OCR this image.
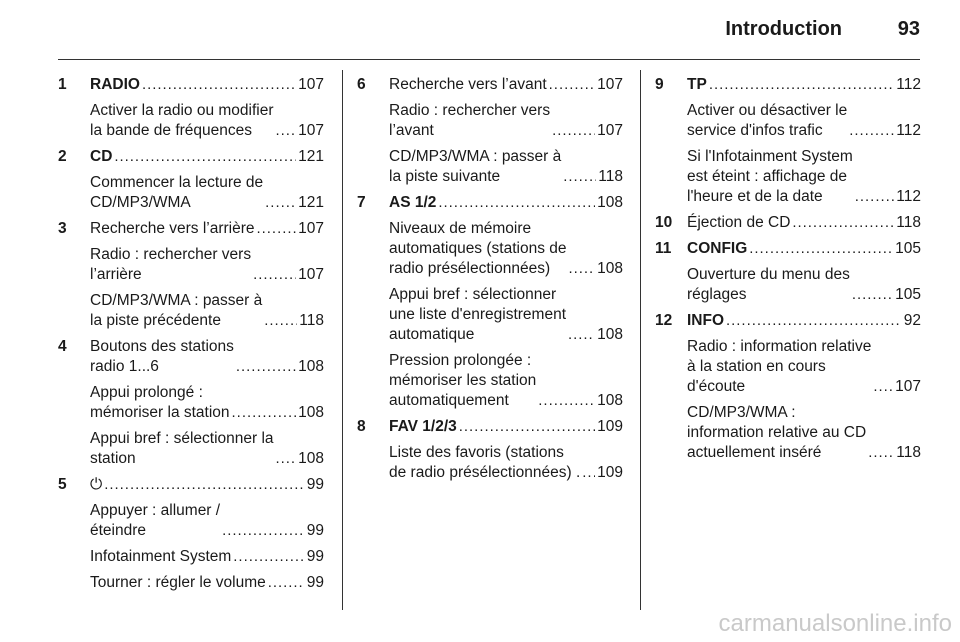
Introduction	93
1 RADIO . . .	107
Activer la radio ou modifier
la bande de fréquences . . .	107
2 CD . . .	121
Commencer la lecture de
CD/MP3/WMA . . .	121
3 Recherche vers l’arrière . . .	107
Radio : rechercher vers
l’arrière . . .	107
CD/MP3/WMA : passer à
la piste précédente . . .	118
4 Boutons des stations
radio 1...6 . . .	108
Appui prolongé :
mémoriser la station . . .	108
Appui bref : sélectionner la
station . . .	108
5 ⏻ . . .	99
Appuyer : allumer /
éteindre . . .	99
Infotainment System . . .	99
Tourner : régler le volume . . .	99
6 Recherche vers l’avant . . .	107
Radio : rechercher vers
l’avant . . .	107
CD/MP3/WMA : passer à
la piste suivante . . .	118
7 AS 1/2 . . .	108
Niveaux de mémoire
automatiques (stations de
radio présélectionnées) . . .	108
Appui bref : sélectionner
une liste d'enregistrement
automatique . . .	108
Pression prolongée :
mémoriser les station
automatiquement . . .	108
8 FAV 1/2/3 . . .	109
Liste des favoris (stations
de radio présélectionnées) . . . . 109
9 TP . . .	112
Activer ou désactiver le
service d'infos trafic . . .	112
Si l'Infotainment System
est éteint : affichage de
l'heure et de la date . . .	112
10 Éjection de CD . . .	118
11 CONFIG . . .	105
Ouverture du menu des
réglages . . .	105
12 INFO . . .	92
Radio : information relative
à la station en cours
d'écoute . . .	107
CD/MP3/WMA :
information relative au CD
actuellement inséré . . .	118
carmanualsonline.info
